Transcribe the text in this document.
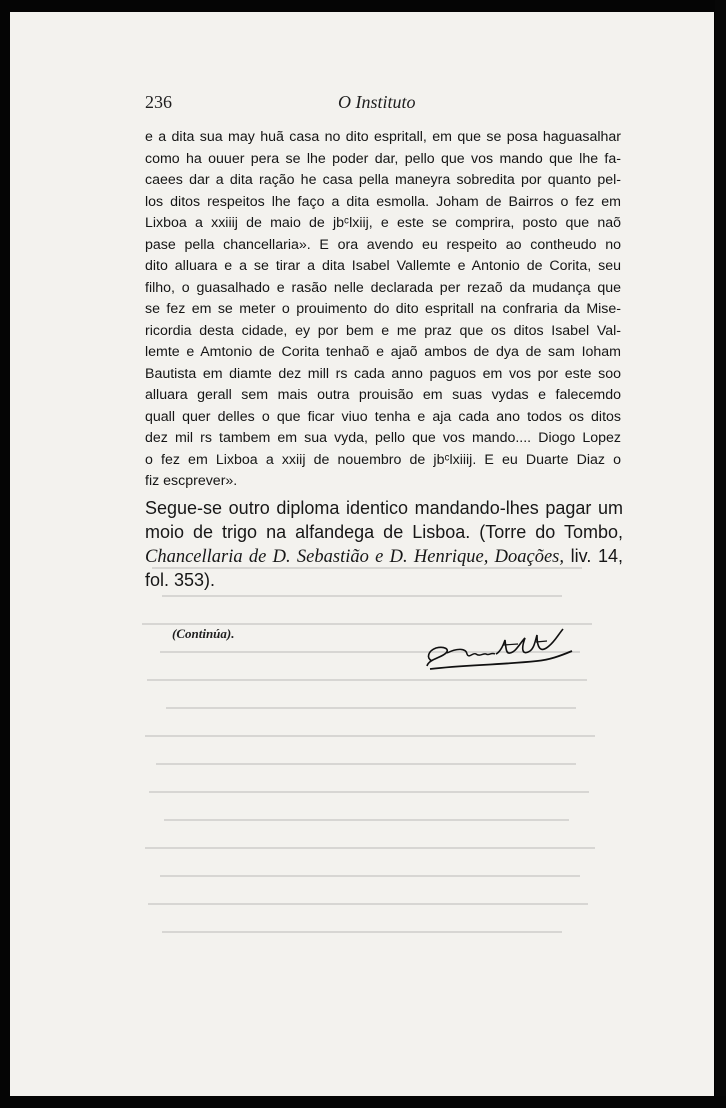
236	O Instituto

e a dita sua may huã casa no dito espritall, em que se posa haguasalhar
como ha ouuer pera se lhe poder dar, pello que vos mando que lhe fa-
caees dar a dita ração he casa pella maneyra sobredita por quanto pel-
los ditos respeitos lhe faço a dita esmolla. Joham de Bairros o fez em
Lixboa a xxiiij de maio de jbᶜlxiij, e este se comprira, posto que naõ
pase pella chancellaria». E ora avendo eu respeito ao contheudo no
dito alluara e a se tirar a dita Isabel Vallemte e Antonio de Corita, seu
filho, o guasalhado e rasão nelle declarada per rezaõ da mudança que
se fez em se meter o prouimento do dito espritall na confraria da Mise-
ricordia desta cidade, ey por bem e me praz que os ditos Isabel Val-
lemte e Amtonio de Corita tenhaõ e ajaõ ambos de dya de sam Ioham
Bautista em diamte dez mill rs cada anno paguos em vos por este soo
alluara gerall sem mais outra prouisão em suas vydas e falecemdo
quall quer delles o que ficar viuo tenha e aja cada ano todos os ditos
dez mil rs tambem em sua vyda, pello que vos mando.... Diogo Lopez
o fez em Lixboa a xxiij de nouembro de jbᶜlxiiij. E eu Duarte Diaz o
fiz escprever».

Segue-se outro diploma identico mandando-lhes pagar um
moio de trigo na alfandega de Lisboa. (Torre do Tombo,
Chancellaria de D. Sebastião e D. Henrique, Doações, liv. 14,
fol. 353).

(Continúa).
